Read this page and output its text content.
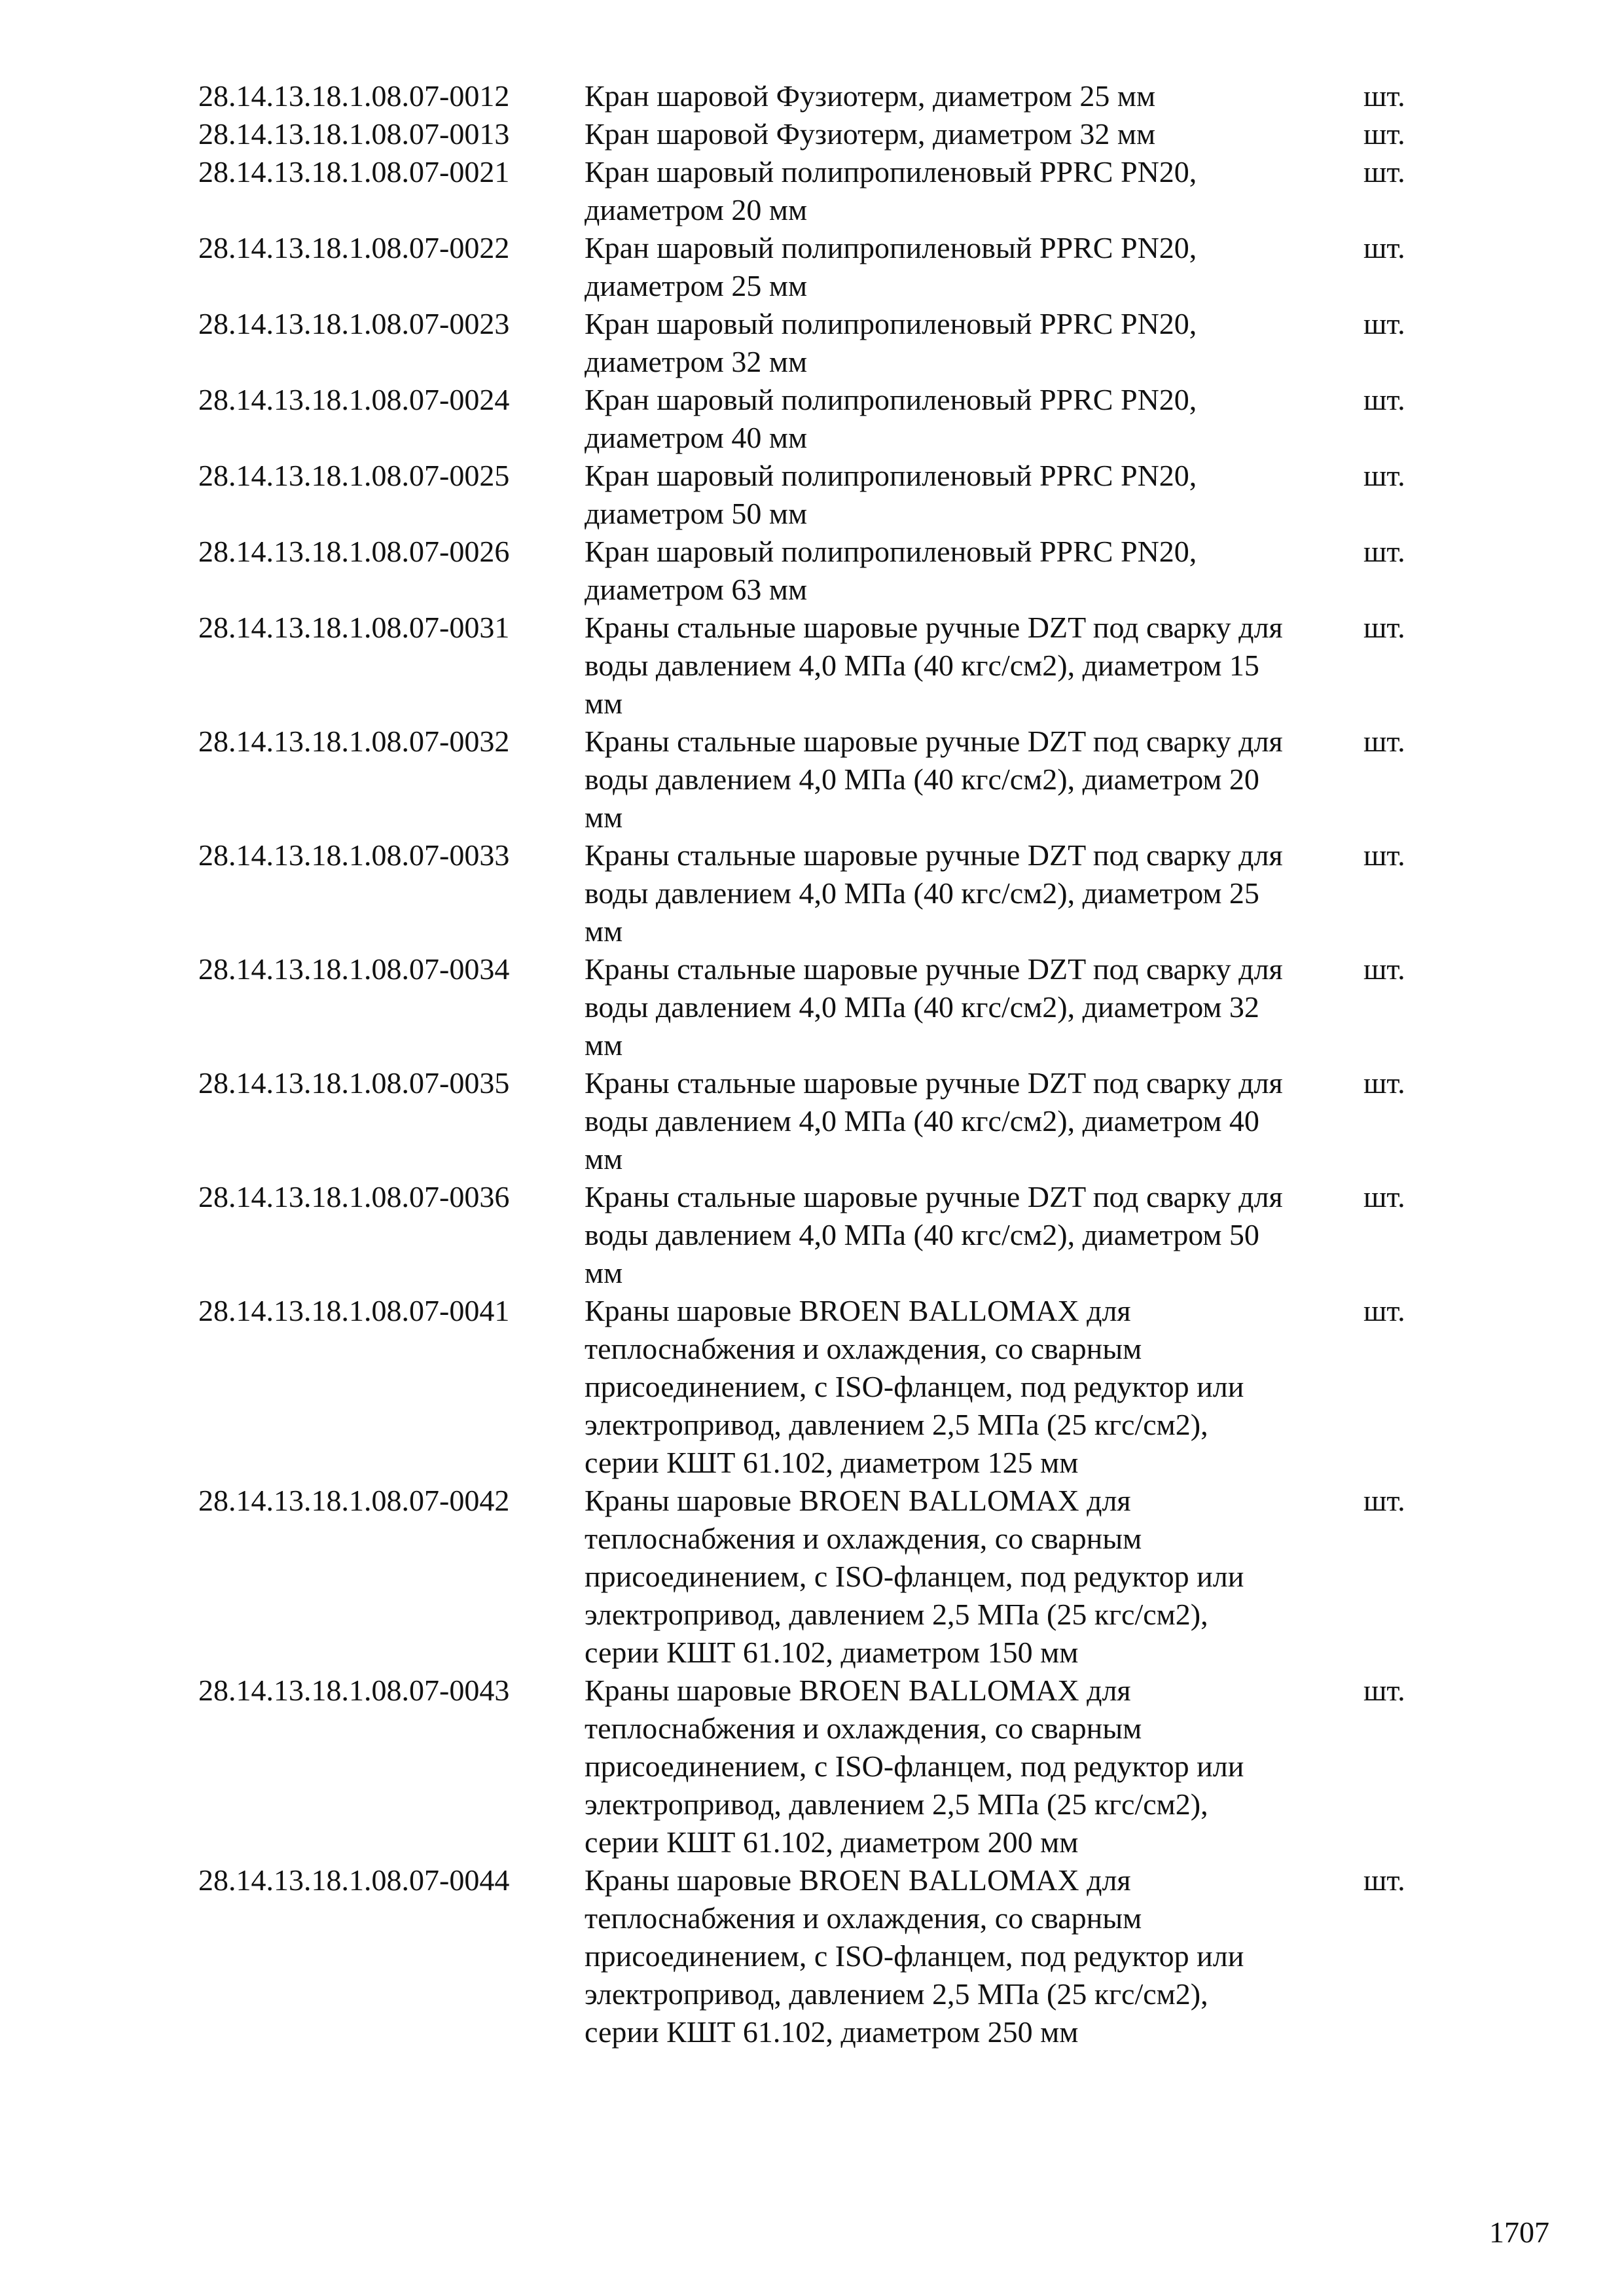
28.14.13.18.1.08.07-0012	Кран шаровой Фузиотерм, диаметром 25 мм	шт.
28.14.13.18.1.08.07-0013	Кран шаровой Фузиотерм, диаметром 32 мм	шт.
28.14.13.18.1.08.07-0021	Кран шаровый полипропиленовый PPRC PN20,
диаметром 20 мм
шт.
28.14.13.18.1.08.07-0022	Кран шаровый полипропиленовый PPRC PN20,
диаметром 25 мм
шт.
28.14.13.18.1.08.07-0023	Кран шаровый полипропиленовый PPRC PN20,
диаметром 32 мм
шт.
28.14.13.18.1.08.07-0024	Кран шаровый полипропиленовый PPRC PN20,
диаметром 40 мм
шт.
28.14.13.18.1.08.07-0025	Кран шаровый полипропиленовый PPRC PN20,
диаметром 50 мм
шт.
28.14.13.18.1.08.07-0026	Кран шаровый полипропиленовый PPRC PN20,
диаметром 63 мм
шт.
28.14.13.18.1.08.07-0031	Краны стальные шаровые ручные DZT под сварку для
воды давлением 4,0 МПа (40 кгс/см2), диаметром 15
мм
шт.
28.14.13.18.1.08.07-0032	Краны стальные шаровые ручные DZT под сварку для
воды давлением 4,0 МПа (40 кгс/см2), диаметром 20
мм
шт.
28.14.13.18.1.08.07-0033	Краны стальные шаровые ручные DZT под сварку для
воды давлением 4,0 МПа (40 кгс/см2), диаметром 25
мм
шт.
28.14.13.18.1.08.07-0034	Краны стальные шаровые ручные DZT под сварку для
воды давлением 4,0 МПа (40 кгс/см2), диаметром 32
мм
шт.
28.14.13.18.1.08.07-0035	Краны стальные шаровые ручные DZT под сварку для
воды давлением 4,0 МПа (40 кгс/см2), диаметром 40
мм
шт.
28.14.13.18.1.08.07-0036	Краны стальные шаровые ручные DZT под сварку для
воды давлением 4,0 МПа (40 кгс/см2), диаметром 50
мм
шт.
28.14.13.18.1.08.07-0041	Краны шаровые BROEN BALLOMAX для
теплоснабжения и охлаждения, со сварным
присоединением, с ISO-фланцем, под редуктор или
электропривод, давлением 2,5 МПа (25 кгс/см2),
серии КШТ 61.102, диаметром 125 мм
шт.
28.14.13.18.1.08.07-0042	Краны шаровые BROEN BALLOMAX для
теплоснабжения и охлаждения, со сварным
присоединением, с ISO-фланцем, под редуктор или
электропривод, давлением 2,5 МПа (25 кгс/см2),
серии КШТ 61.102, диаметром 150 мм
шт.
28.14.13.18.1.08.07-0043	Краны шаровые BROEN BALLOMAX для
теплоснабжения и охлаждения, со сварным
присоединением, с ISO-фланцем, под редуктор или
электропривод, давлением 2,5 МПа (25 кгс/см2),
серии КШТ 61.102, диаметром 200 мм
шт.
28.14.13.18.1.08.07-0044	Краны шаровые BROEN BALLOMAX для
теплоснабжения и охлаждения, со сварным
присоединением, с ISO-фланцем, под редуктор или
электропривод, давлением 2,5 МПа (25 кгс/см2),
серии КШТ 61.102, диаметром 250 мм
шт.
1707
